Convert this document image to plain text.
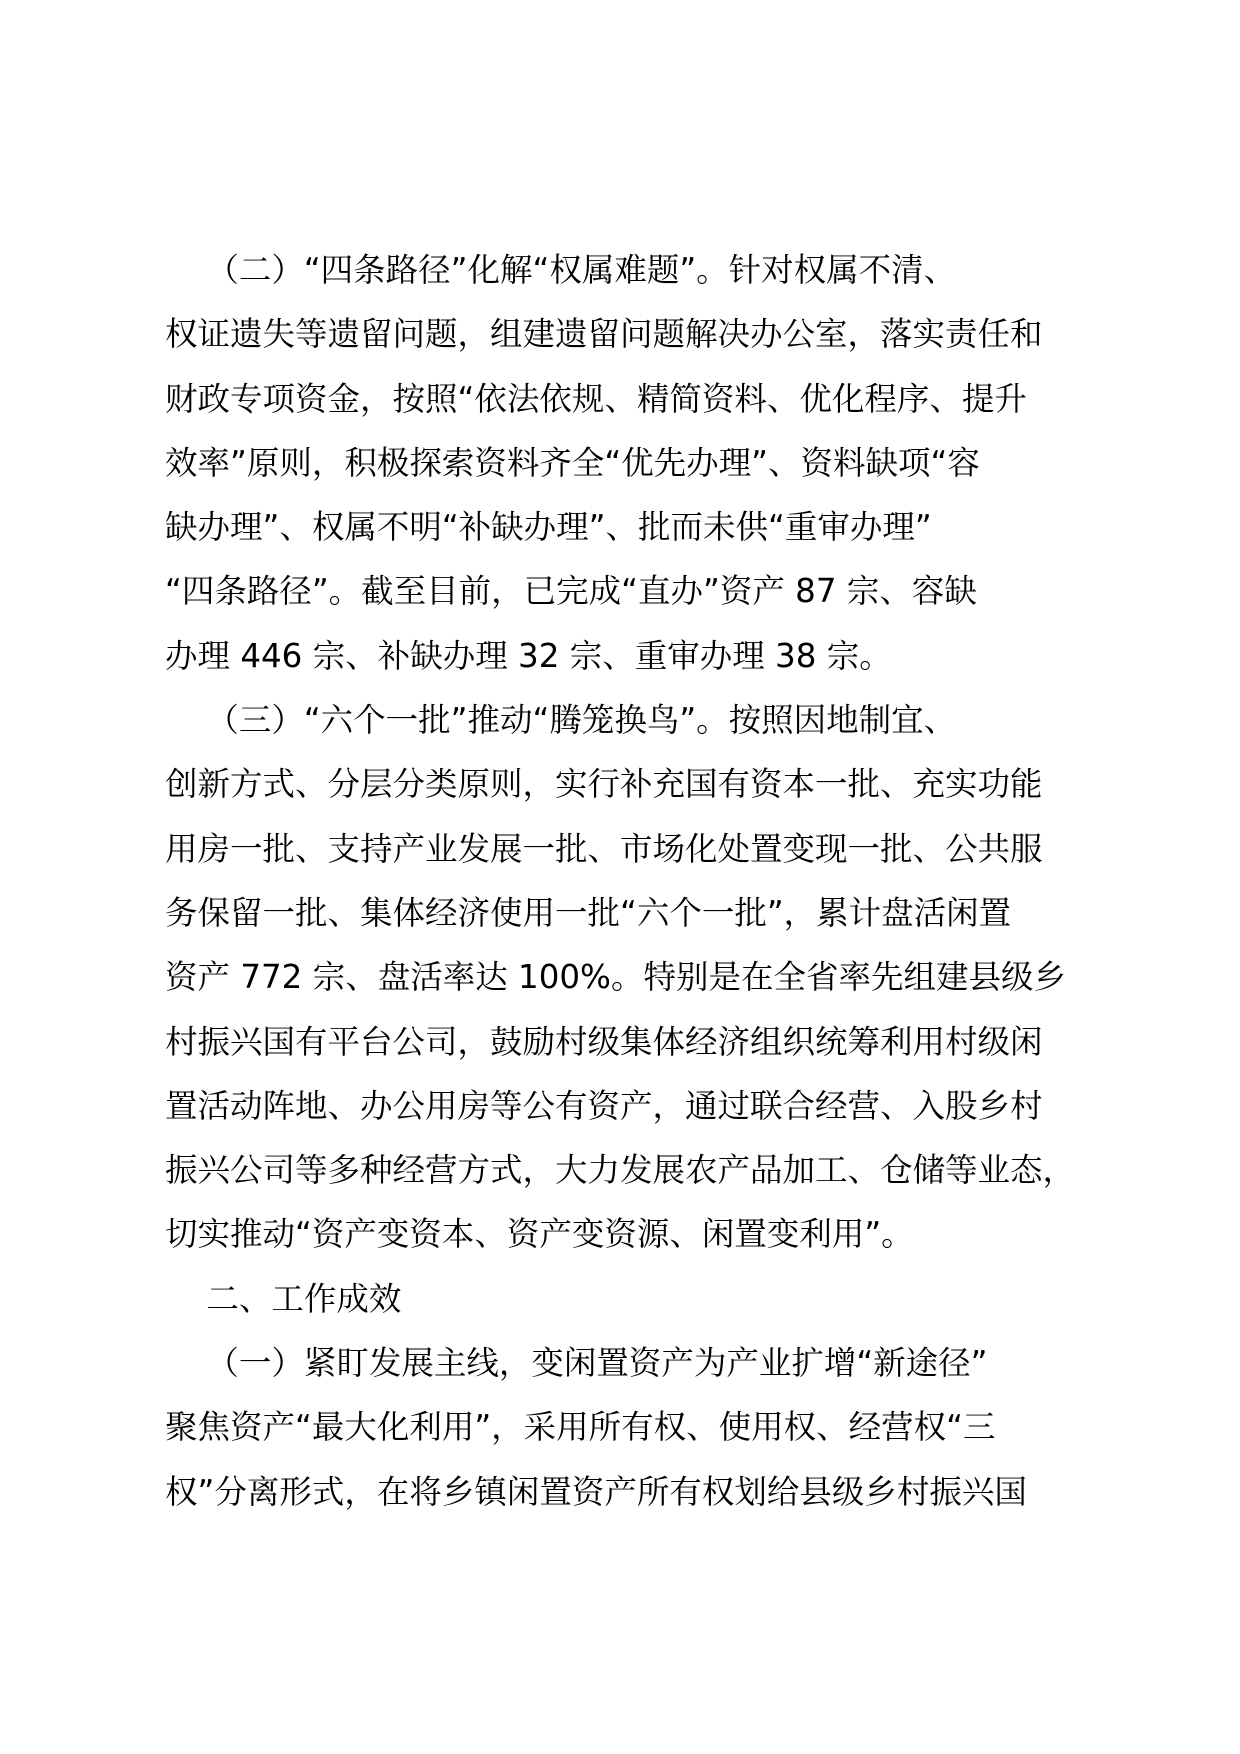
（二）“四条路径”化解“权属难题”。针对权属不清、
权证遗失等遗留问题，组建遗留问题解决办公室，落实责任和
财政专项资金，按照“依法依规、精简资料、优化程序、提升
效率”原则，积极探索资料齐全“优先办理”、资料缺项“容
缺办理”、权属不明“补缺办理”、批而未供“重审办理”
“四条路径”。截至目前，已完成“直办”资产 87 宗、容缺
办理 446 宗、补缺办理 32 宗、重审办理 38 宗。
（三）“六个一批”推动“腾笼换鸟”。按照因地制宜、
创新方式、分层分类原则，实行补充国有资本一批、充实功能
用房一批、支持产业发展一批、市场化处置变现一批、公共服
务保留一批、集体经济使用一批“六个一批”，累计盘活闲置
资产 772 宗、盘活率达 100%。特别是在全省率先组建县级乡
村振兴国有平台公司，鼓励村级集体经济组织统筹利用村级闲
置活动阵地、办公用房等公有资产，通过联合经营、入股乡村
振兴公司等多种经营方式，大力发展农产品加工、仓储等业态，
切实推动“资产变资本、资产变资源、闲置变利用”。
二、工作成效
（一）紧盯发展主线，变闲置资产为产业扩增“新途径”
聚焦资产“最大化利用”，采用所有权、使用权、经营权“三
权”分离形式，在将乡镇闲置资产所有权划给县级乡村振兴国
